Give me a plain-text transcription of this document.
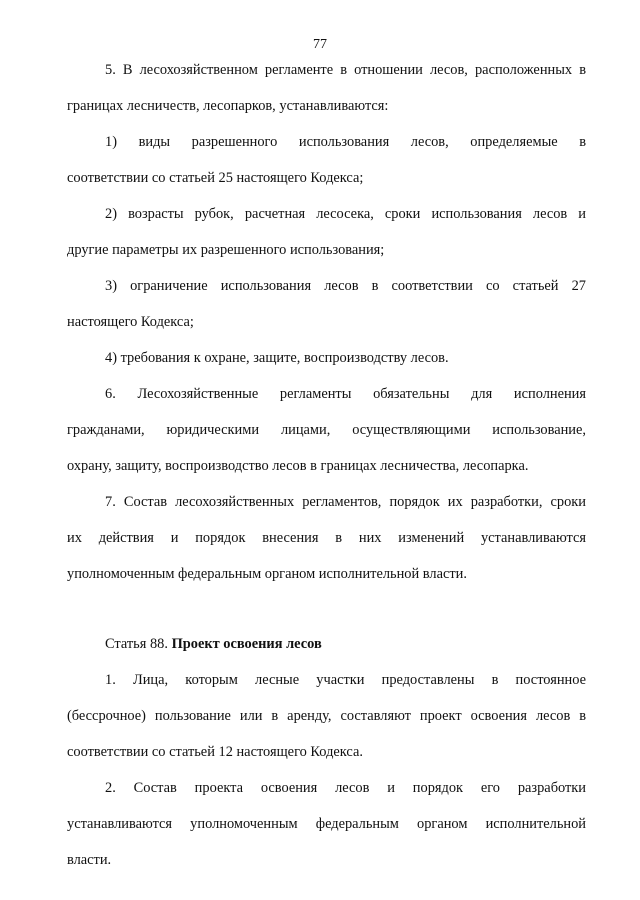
77
5. В лесохозяйственном регламенте в отношении лесов, расположенных в
границах лесничеств, лесопарков, устанавливаются:
1) виды разрешенного использования лесов, определяемые в
соответствии со статьей 25 настоящего Кодекса;
2) возрасты рубок, расчетная лесосека, сроки использования лесов и
другие параметры их разрешенного использования;
3) ограничение использования лесов в соответствии со статьей 27
настоящего Кодекса;
4) требования к охране, защите, воспроизводству лесов.
6. Лесохозяйственные регламенты обязательны для исполнения
гражданами, юридическими лицами, осуществляющими использование,
охрану, защиту, воспроизводство лесов в границах лесничества, лесопарка.
7. Состав лесохозяйственных регламентов, порядок их разработки, сроки
их действия и порядок внесения в них изменений устанавливаются
уполномоченным федеральным органом исполнительной власти.
Статья 88. Проект освоения лесов
1. Лица, которым лесные участки предоставлены в постоянное
(бессрочное) пользование или в аренду, составляют проект освоения лесов в
соответствии со статьей 12 настоящего Кодекса.
2. Состав проекта освоения лесов и порядок его разработки
устанавливаются уполномоченным федеральным органом исполнительной
власти.
